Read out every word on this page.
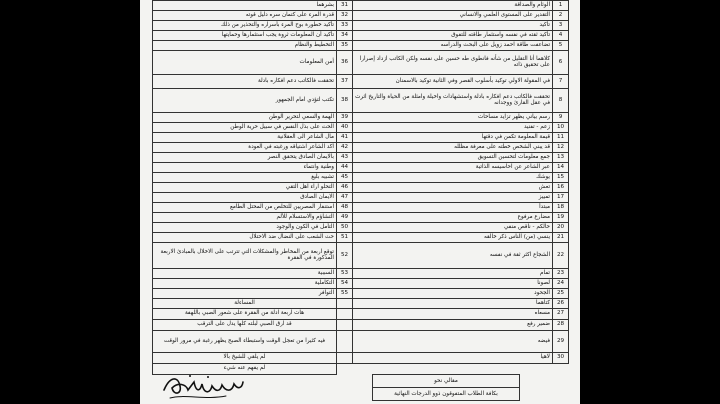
بشرهما	31	الوئام والصداقة	1
قدرة المرء على كتمان سره دليل قوته	32	التقدير على المستوى العلمي والانساني	2
تأكيد خطورة بوح المرء بأسراره والتحذير من ذلك	33	تأكيد	3
تأكيد أن المعلومات ثروة يجب استثمارها وحمايتها	34	تأكيد ثقته في نفسه واستثمار طاقته للتفوق	4
التخطيط والنظام	35	تضاعفت طاقة احمد زويل على البحث والدراسه	5
أمن المعلومات	36	كلاهما أنا التقليل من شأنه فانطوى طه حسين على نفسه ولكن الكاتب ازداد إصرارا على تحقيق ذاته	6
تحققت فالكاتب دعم افكاره بادلة	37	في المقولة الاولي توكيد بأسلوب القصر وفي الثانية توكيد بالاسمنان	7
تكتب لتؤدي امام الجمهور	38	تحققت فالكاتب دعم افكاره بادلة واستشهادات واخيلة وامثلة من الحياة والتاريخ اثرت في عقل القارئ ووجدانه	8
الهمة والسعي لتحرير الوطن	39	رسم بياني يظهر تزايد مساحات	9
الحث على بذل النفس في سبيل حرية الوطن	40	زعم - تفنيد	10
مال الشاعر الى العقلانية	41	قيمة المعلومة تكمن في دقتها	11
اكد الشاعر اشتياقه ورغبته في العودة	42	قد يبني الشخص خطته على معرفة مظلله	12
بالايمان الصادق يتحقق النصر	43	جمع معلومات لتحسين التسويق	13
وطنية وانتماء	44	عبر الشاعر عن احاسيسه الذاتية	14
تشبيه بليغ	45	يوشك	15
التحلو اراء اهل التقي	46	تعش	16
الايمان الصادق	47	تمييز	17
استنفار المصريين للتخلص من المحتل الطامع	48	مبتدأ	18
التشاؤم والاستسلام للألم	49	مضارع مرفوع	19
التأمل في الكون والوجود	50	حالكم - ناقص منفي	20
حث الشعب على النضال ضد الاحتلال	51	ينسي (من) الناس ذكر خالقه	21
توقع اربعة من المخاطر والمشكلات التي تترتب على الاخلال بالمبادئ الاربعة المذكورة في الفقرة	52	الشجاع اكثر ثقة في نفسه	22
السببية	53	تمام	23
التكاملية	54	لصونا	24
التوافر	55	الجحود	25
المساءلة		كتاهما	26
هات اربعة ادلة من الفقرة على شعور الصبي باللهفة		مسعاه	27
قد ارق الصبي لبلته كلها يدل على الترقب		ضمير رفع	28
فيه كثيرا من تعجل الوقت واستبطاء الصبح يظهر رغبة في مرور الوقت		فيضه	29
لم يلقي للشيخ بالا		لاهيا	30
لم يفهم عنه شيء			
مقالي نحو
بكافة الطلاب المتفوقون ذوو الدرجات النهائية
